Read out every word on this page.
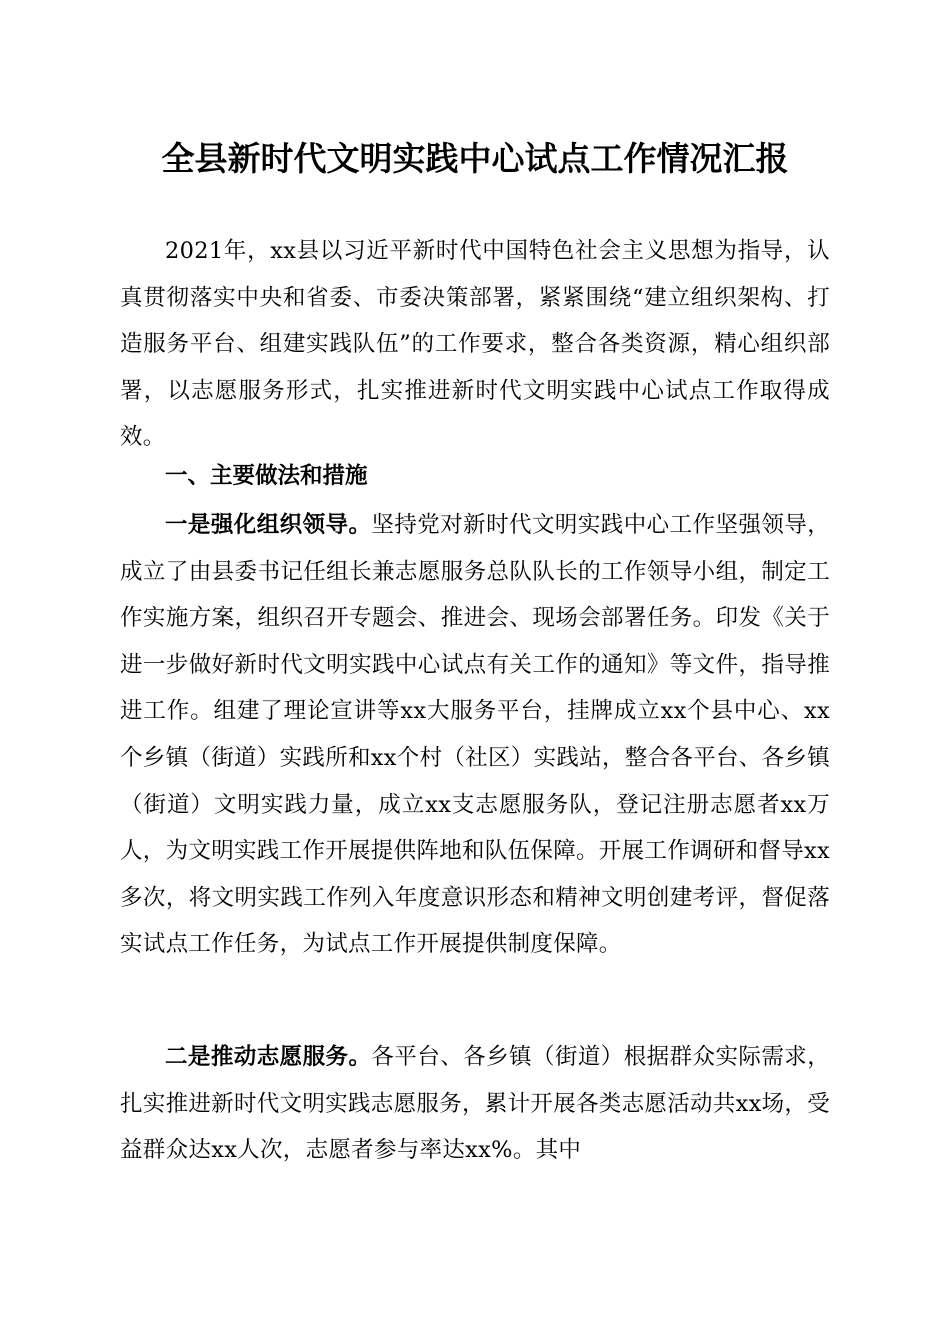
全县新时代文明实践中心试点工作情况汇报

2021年，xx县以习近平新时代中国特色社会主义思想为指导，认真贯彻落实中央和省委、市委决策部署，紧紧围绕“建立组织架构、打造服务平台、组建实践队伍”的工作要求，整合各类资源，精心组织部署，以志愿服务形式，扎实推进新时代文明实践中心试点工作取得成效。

一、主要做法和措施

一是强化组织领导。坚持党对新时代文明实践中心工作坚强领导，成立了由县委书记任组长兼志愿服务总队队长的工作领导小组，制定工作实施方案，组织召开专题会、推进会、现场会部署任务。印发《关于进一步做好新时代文明实践中心试点有关工作的通知》等文件，指导推进工作。组建了理论宣讲等xx大服务平台，挂牌成立xx个县中心、xx个乡镇（街道）实践所和xx个村（社区）实践站，整合各平台、各乡镇（街道）文明实践力量，成立xx支志愿服务队，登记注册志愿者xx万人，为文明实践工作开展提供阵地和队伍保障。开展工作调研和督导xx多次，将文明实践工作列入年度意识形态和精神文明创建考评，督促落实试点工作任务，为试点工作开展提供制度保障。

二是推动志愿服务。各平台、各乡镇（街道）根据群众实际需求，扎实推进新时代文明实践志愿服务，累计开展各类志愿活动共xx场，受益群众达xx人次，志愿者参与率达xx%。其中
